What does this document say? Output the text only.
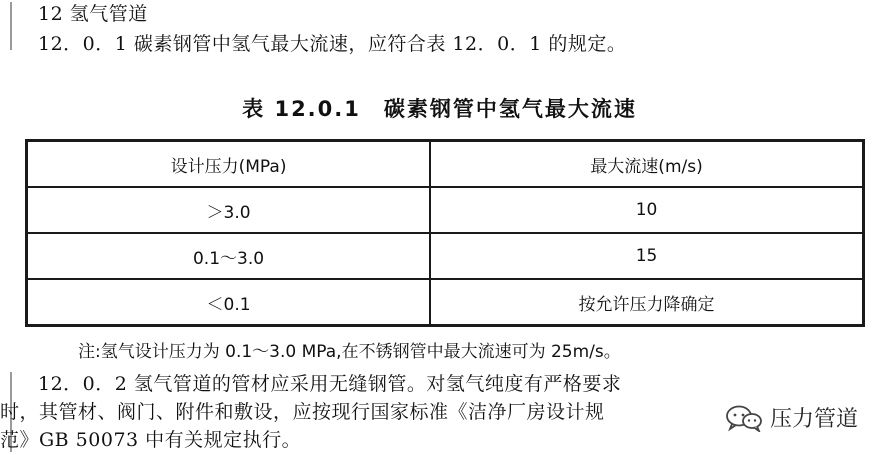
12 氢气管道
12．0．1 碳素钢管中氢气最大流速，应符合表 12．0．1 的规定。
表 12.0.1　碳素钢管中氢气最大流速
设计压力(MPa)	最大流速(m/s)
＞3.0	10
0.1～3.0	15
＜0.1	按允许压力降确定
注:氢气设计压力为 0.1～3.0 MPa,在不锈钢管中最大流速可为 25m/s。
12．0．2 氢气管道的管材应采用无缝钢管。对氢气纯度有严格要求
时，其管材、阀门、附件和敷设，应按现行国家标准《洁净厂房设计规
范》GB 50073 中有关规定执行。
压力管道
